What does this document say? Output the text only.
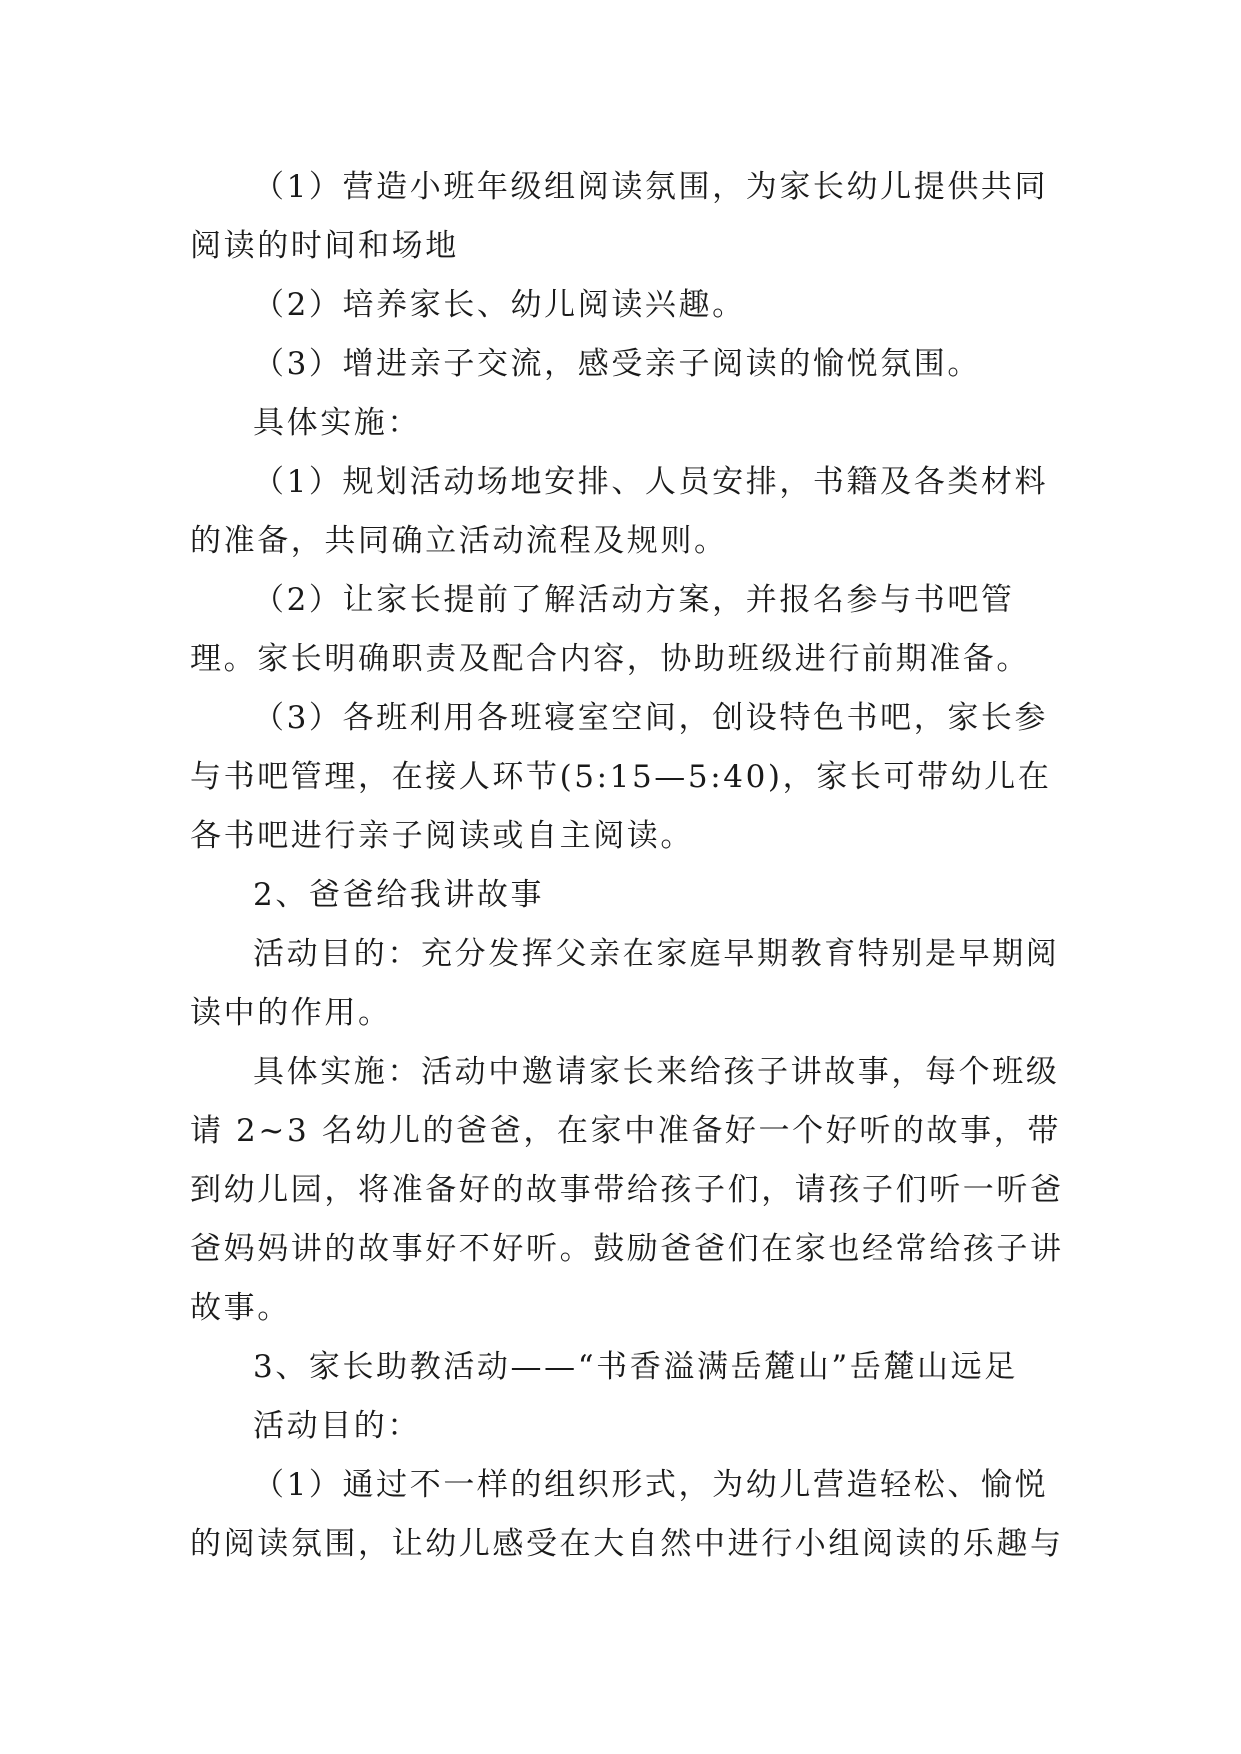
（1）营造小班年级组阅读氛围，为家长幼儿提供共同阅读的时间和场地

（2）培养家长、幼儿阅读兴趣。

（3）增进亲子交流，感受亲子阅读的愉悦氛围。

具体实施：

（1）规划活动场地安排、人员安排，书籍及各类材料的准备，共同确立活动流程及规则。

（2）让家长提前了解活动方案，并报名参与书吧管理。家长明确职责及配合内容，协助班级进行前期准备。

（3）各班利用各班寝室空间，创设特色书吧，家长参与书吧管理，在接人环节(5:15—5:40)，家长可带幼儿在各书吧进行亲子阅读或自主阅读。

2、爸爸给我讲故事

活动目的：充分发挥父亲在家庭早期教育特别是早期阅读中的作用。

具体实施：活动中邀请家长来给孩子讲故事，每个班级请 2~3 名幼儿的爸爸，在家中准备好一个好听的故事，带到幼儿园，将准备好的故事带给孩子们，请孩子们听一听爸爸妈妈讲的故事好不好听。鼓励爸爸们在家也经常给孩子讲故事。

3、家长助教活动——“书香溢满岳麓山”岳麓山远足

活动目的：

（1）通过不一样的组织形式，为幼儿营造轻松、愉悦的阅读氛围，让幼儿感受在大自然中进行小组阅读的乐趣与
